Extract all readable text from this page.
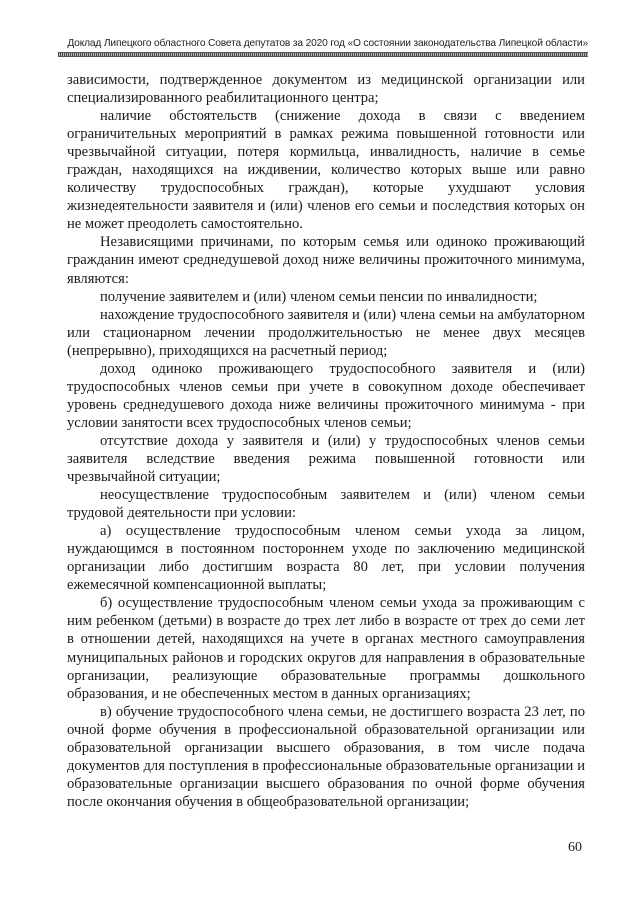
Доклад Липецкого областного Совета депутатов за 2020 год «О состоянии законодательства Липецкой области»

зависимости, подтвержденное документом из медицинской организации или специализированного реабилитационного центра;

наличие обстоятельств (снижение дохода в связи с введением ограничительных мероприятий в рамках режима повышенной готовности или чрезвычайной ситуации, потеря кормильца, инвалидность, наличие в семье граждан, находящихся на иждивении, количество которых выше или равно количеству трудоспособных граждан), которые ухудшают условия жизнедеятельности заявителя и (или) членов его семьи и последствия которых он не может преодолеть самостоятельно.

Независящими причинами, по которым семья или одиноко проживающий гражданин имеют среднедушевой доход ниже величины прожиточного минимума, являются:

получение заявителем и (или) членом семьи пенсии по инвалидности;

нахождение трудоспособного заявителя и (или) члена семьи на амбулаторном или стационарном лечении продолжительностью не менее двух месяцев (непрерывно), приходящихся на расчетный период;

доход одиноко проживающего трудоспособного заявителя и (или) трудоспособных членов семьи при учете в совокупном доходе обеспечивает уровень среднедушевого дохода ниже величины прожиточного минимума - при условии занятости всех трудоспособных членов семьи;

отсутствие дохода у заявителя и (или) у трудоспособных членов семьи заявителя вследствие введения режима повышенной готовности или чрезвычайной ситуации;

неосуществление трудоспособным заявителем и (или) членом семьи трудовой деятельности при условии:

а) осуществление трудоспособным членом семьи ухода за лицом, нуждающимся в постоянном постороннем уходе по заключению медицинской организации либо достигшим возраста 80 лет, при условии получения ежемесячной компенсационной выплаты;

б) осуществление трудоспособным членом семьи ухода за проживающим с ним ребенком (детьми) в возрасте до трех лет либо в возрасте от трех до семи лет в отношении детей, находящихся на учете в органах местного самоуправления муниципальных районов и городских округов для направления в образовательные организации, реализующие образовательные программы дошкольного образования, и не обеспеченных местом в данных организациях;

в) обучение трудоспособного члена семьи, не достигшего возраста 23 лет, по очной форме обучения в профессиональной образовательной организации или образовательной организации высшего образования, в том числе подача документов для поступления в профессиональные образовательные организации и образовательные организации высшего образования по очной форме обучения после окончания обучения в общеобразовательной организации;

60
